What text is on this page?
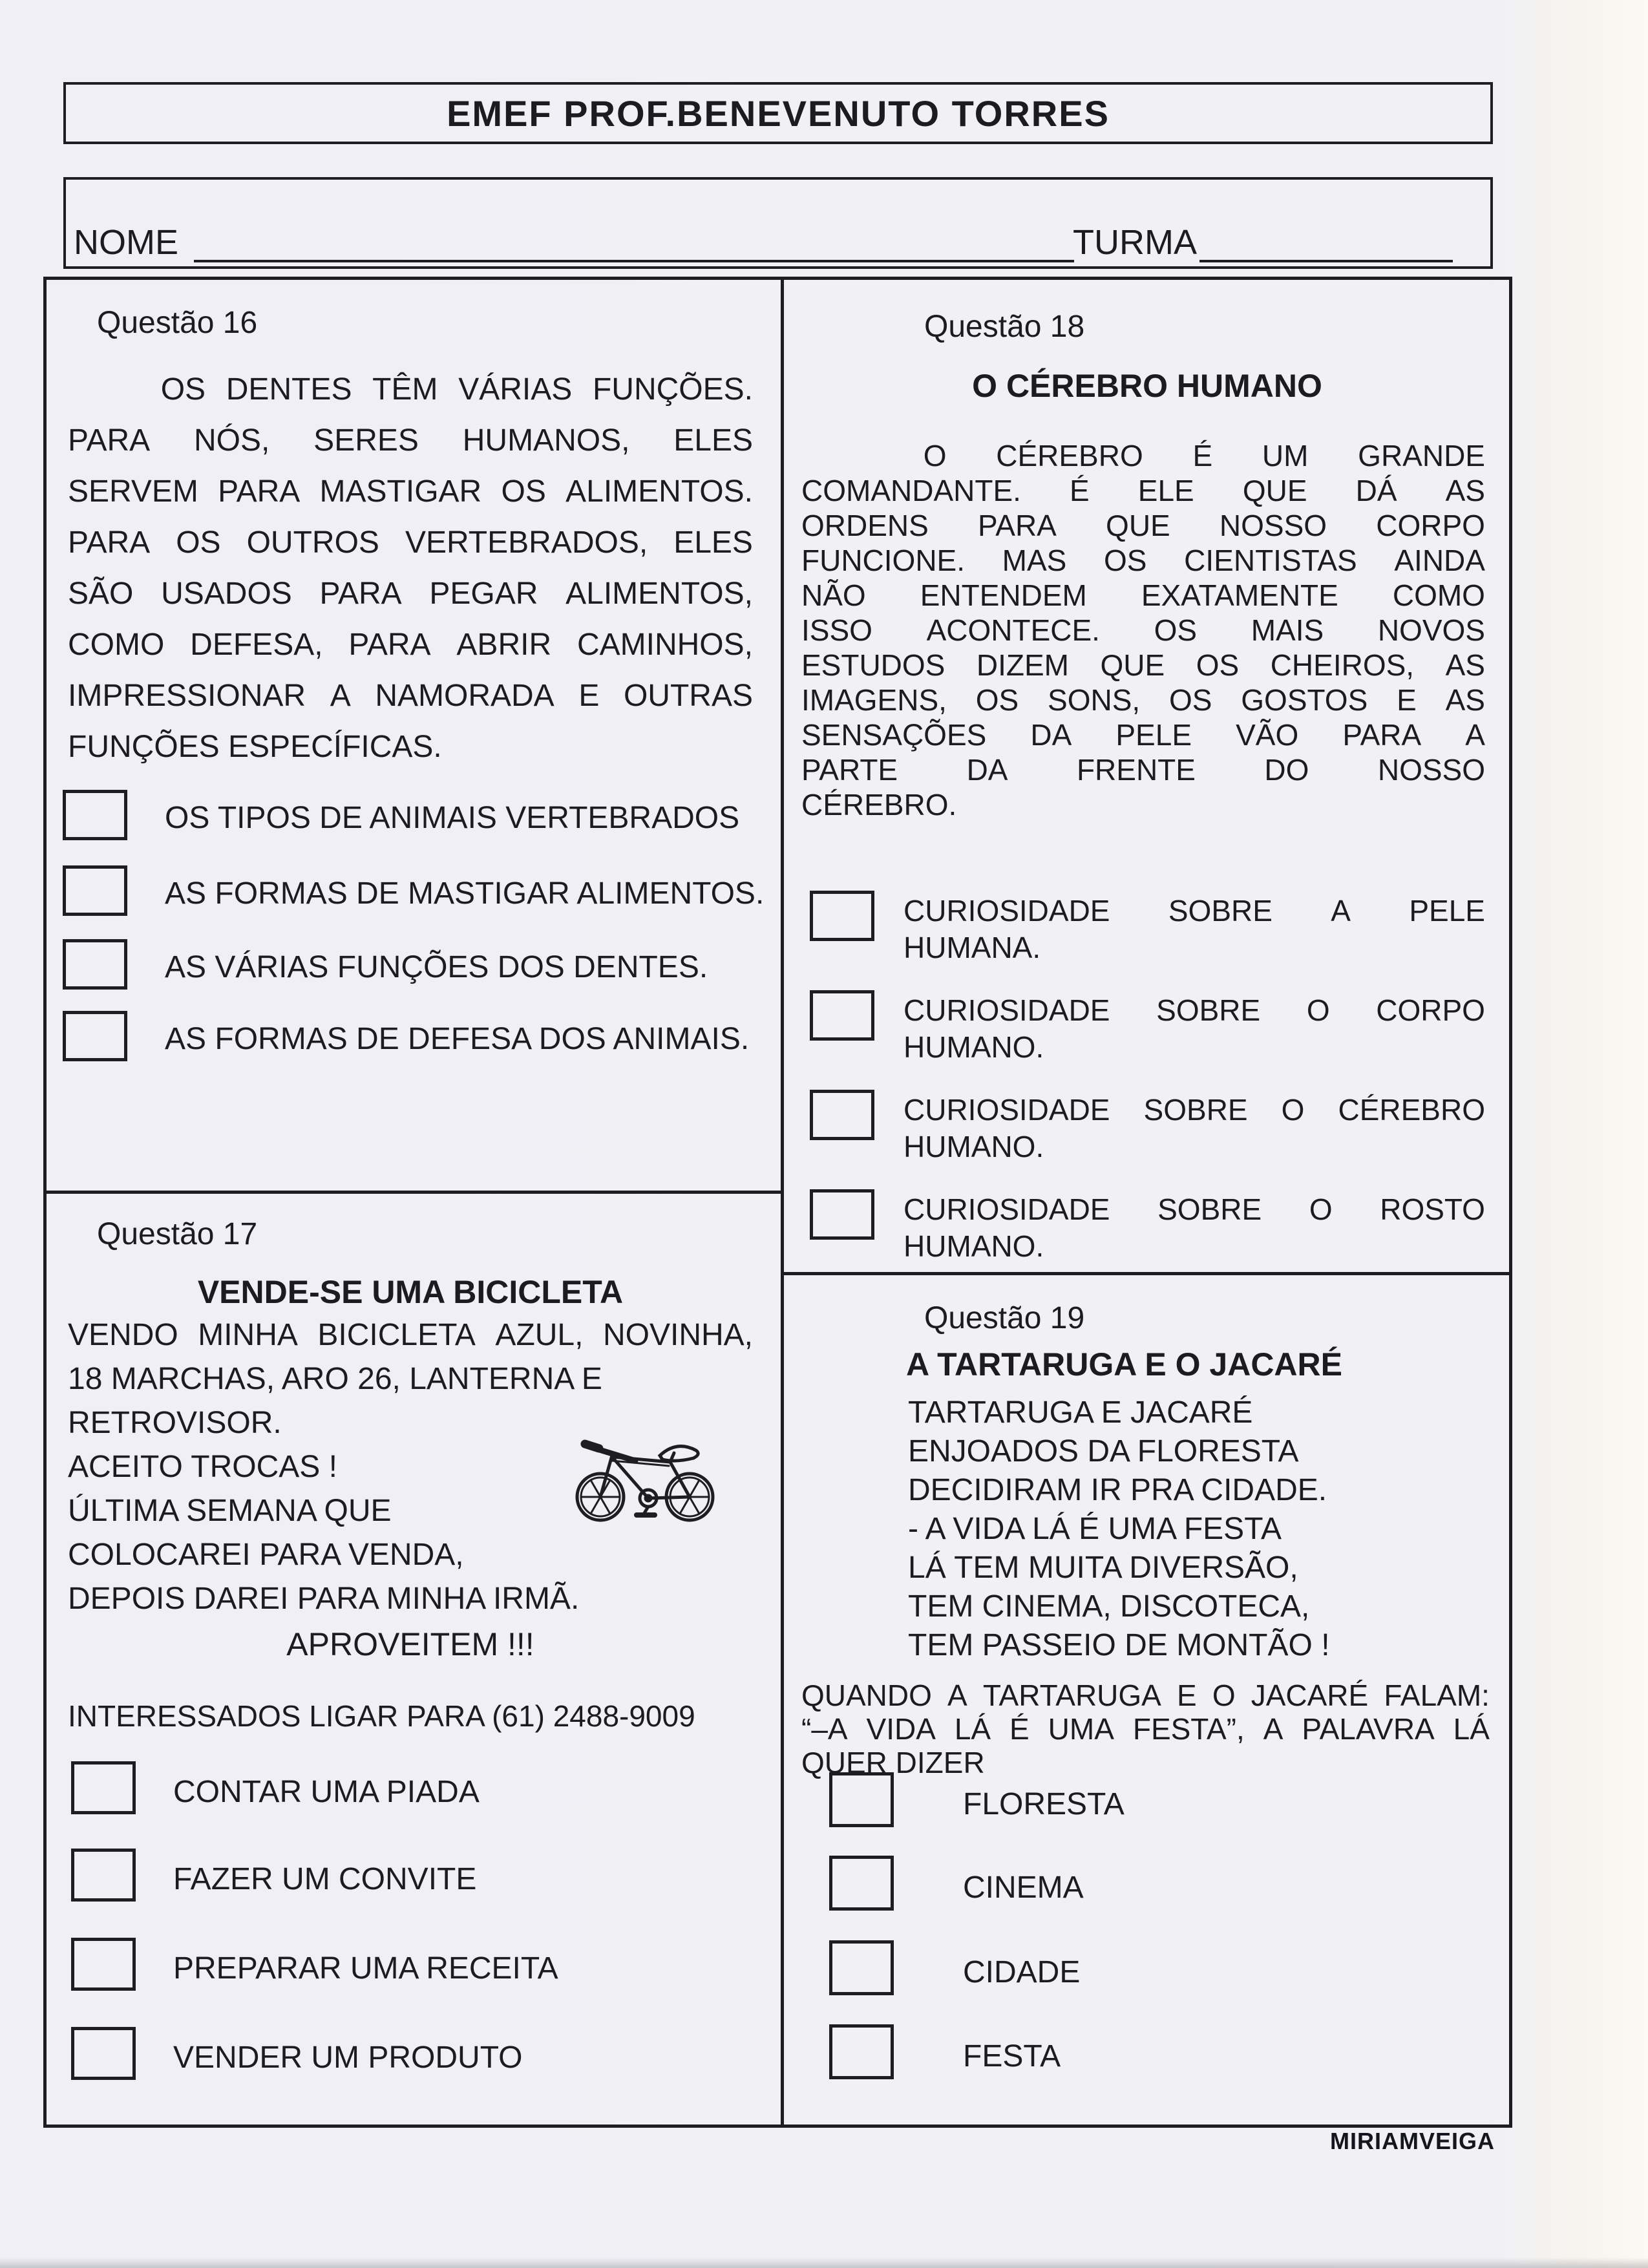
EMEF PROF.BENEVENUTO TORRES
NOME	TURMA
Questão 16
OS DENTES TÊM VÁRIAS FUNÇÕES.
PARA NÓS, SERES HUMANOS, ELES
SERVEM PARA MASTIGAR OS ALIMENTOS.
PARA OS OUTROS VERTEBRADOS, ELES
SÃO USADOS PARA PEGAR ALIMENTOS,
COMO DEFESA, PARA ABRIR CAMINHOS,
IMPRESSIONAR A NAMORADA E OUTRAS
FUNÇÕES ESPECÍFICAS.
OS TIPOS DE ANIMAIS VERTEBRADOS
AS FORMAS DE MASTIGAR ALIMENTOS.
AS VÁRIAS FUNÇÕES DOS DENTES.
AS FORMAS DE DEFESA DOS ANIMAIS.
Questão 17
VENDE-SE UMA BICICLETA
VENDO MINHA BICICLETA AZUL, NOVINHA,
18 MARCHAS, ARO 26, LANTERNA E
RETROVISOR.
ACEITO TROCAS !
ÚLTIMA SEMANA QUE
COLOCAREI PARA VENDA,
DEPOIS DAREI PARA MINHA IRMÃ.
APROVEITEM !!!
INTERESSADOS LIGAR PARA (61) 2488-9009
CONTAR UMA PIADA
FAZER UM CONVITE
PREPARAR UMA RECEITA
VENDER UM PRODUTO
Questão 18
O CÉREBRO HUMANO
O CÉREBRO É UM GRANDE
COMANDANTE. É ELE QUE DÁ AS
ORDENS PARA QUE NOSSO CORPO
FUNCIONE. MAS OS CIENTISTAS AINDA
NÃO ENTENDEM EXATAMENTE COMO
ISSO ACONTECE. OS MAIS NOVOS
ESTUDOS DIZEM QUE OS CHEIROS, AS
IMAGENS, OS SONS, OS GOSTOS E AS
SENSAÇÕES DA PELE VÃO PARA A
PARTE DA FRENTE DO NOSSO
CÉREBRO.
CURIOSIDADE SOBRE A PELE
HUMANA.
CURIOSIDADE SOBRE O CORPO
HUMANO.
CURIOSIDADE SOBRE O CÉREBRO
HUMANO.
CURIOSIDADE SOBRE O ROSTO
HUMANO.
Questão 19
A TARTARUGA E O JACARÉ
TARTARUGA E JACARÉ
ENJOADOS DA FLORESTA
DECIDIRAM IR PRA CIDADE.
- A VIDA LÁ É UMA FESTA
LÁ TEM MUITA DIVERSÃO,
TEM CINEMA, DISCOTECA,
TEM PASSEIO DE MONTÃO !
QUANDO A TARTARUGA E O JACARÉ FALAM:
“–A VIDA LÁ É UMA FESTA”, A PALAVRA LÁ
QUER DIZER
FLORESTA
CINEMA
CIDADE
FESTA
MIRIAMVEIGA
